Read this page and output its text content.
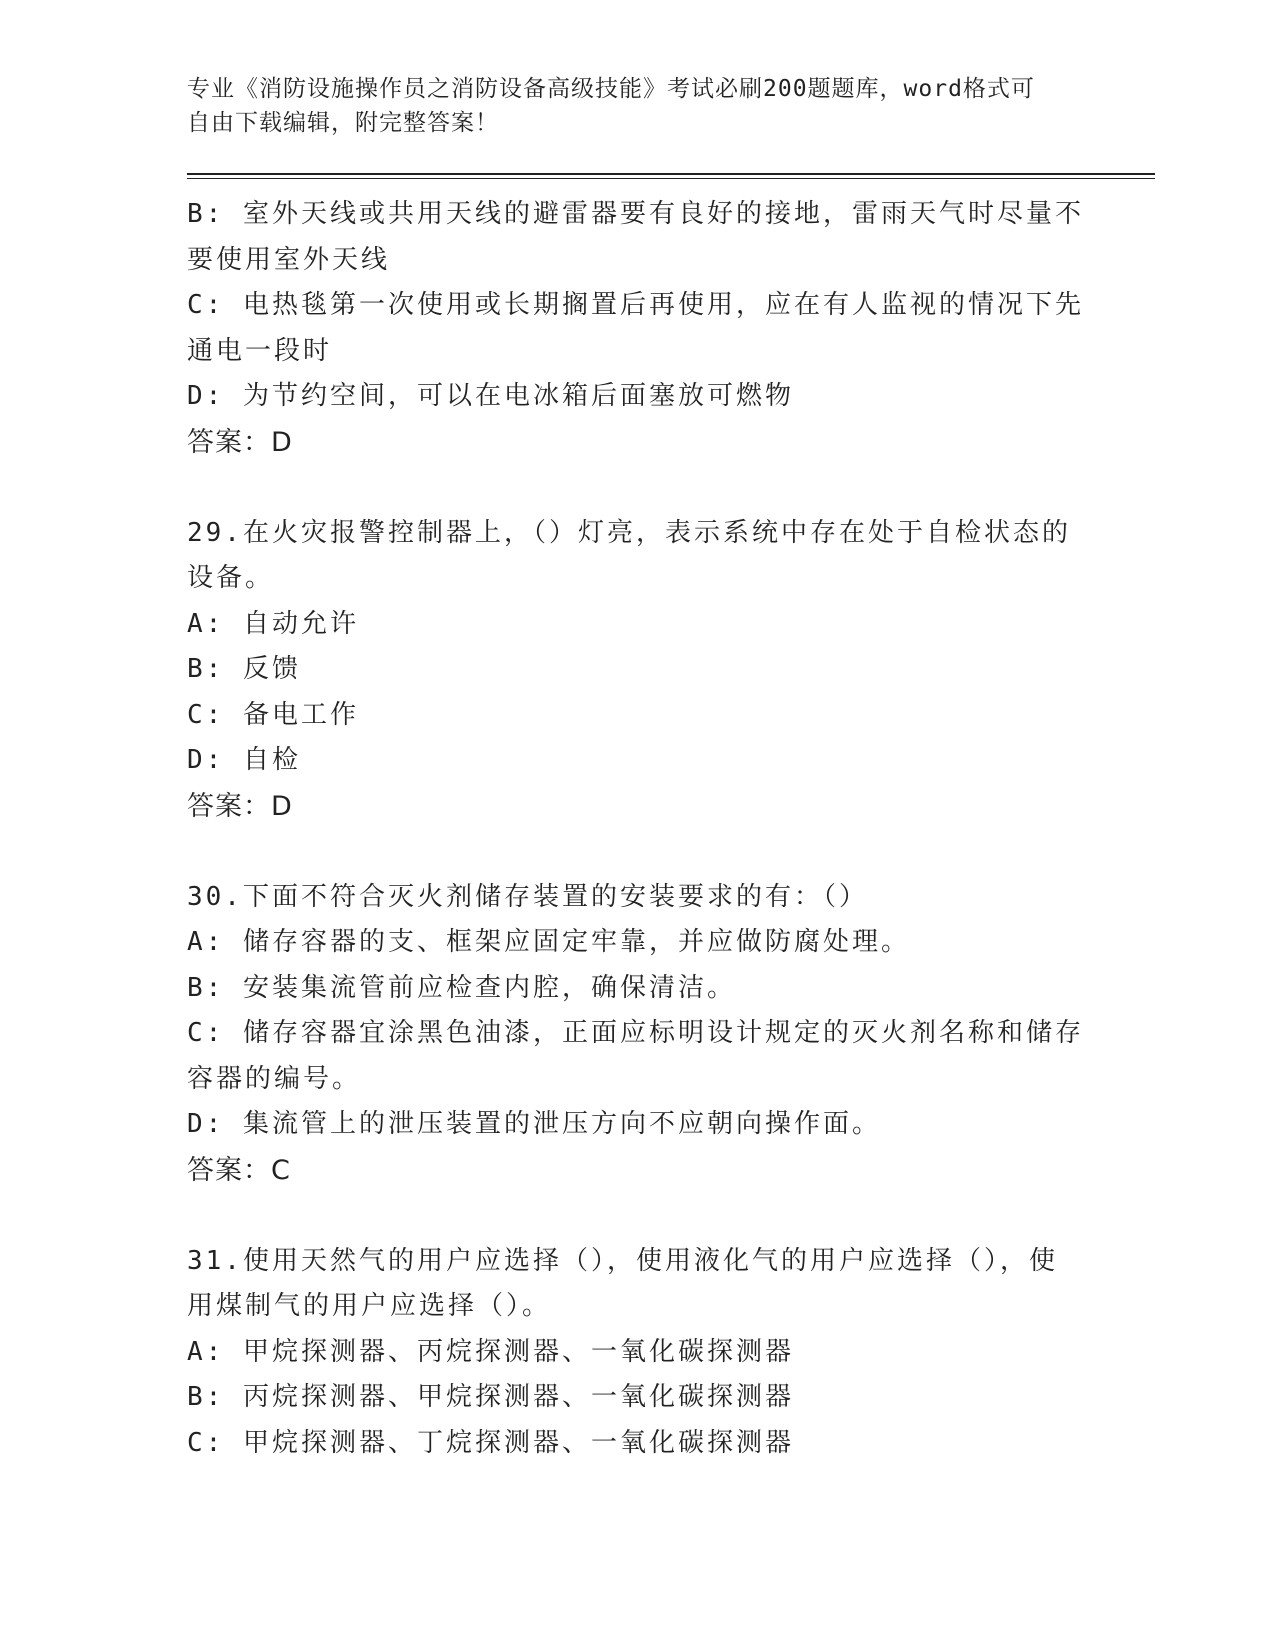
专业《消防设施操作员之消防设备高级技能》考试必刷200题题库，word格式可
自由下载编辑，附完整答案！
B: 室外天线或共用天线的避雷器要有良好的接地，雷雨天气时尽量不
要使用室外天线
C: 电热毯第一次使用或长期搁置后再使用，应在有人监视的情况下先
通电一段时
D: 为节约空间，可以在电冰箱后面塞放可燃物
答案：D
29.在火灾报警控制器上，（）灯亮，表示系统中存在处于自检状态的
设备。
A: 自动允许
B: 反馈
C: 备电工作
D: 自检
答案：D
30.下面不符合灭火剂储存装置的安装要求的有：（）
A: 储存容器的支、框架应固定牢靠，并应做防腐处理。
B: 安装集流管前应检查内腔，确保清洁。
C: 储存容器宜涂黑色油漆，正面应标明设计规定的灭火剂名称和储存
容器的编号。
D: 集流管上的泄压装置的泄压方向不应朝向操作面。
答案：C
31.使用天然气的用户应选择（），使用液化气的用户应选择（），使
用煤制气的用户应选择（）。
A: 甲烷探测器、丙烷探测器、一氧化碳探测器
B: 丙烷探测器、甲烷探测器、一氧化碳探测器
C: 甲烷探测器、丁烷探测器、一氧化碳探测器
